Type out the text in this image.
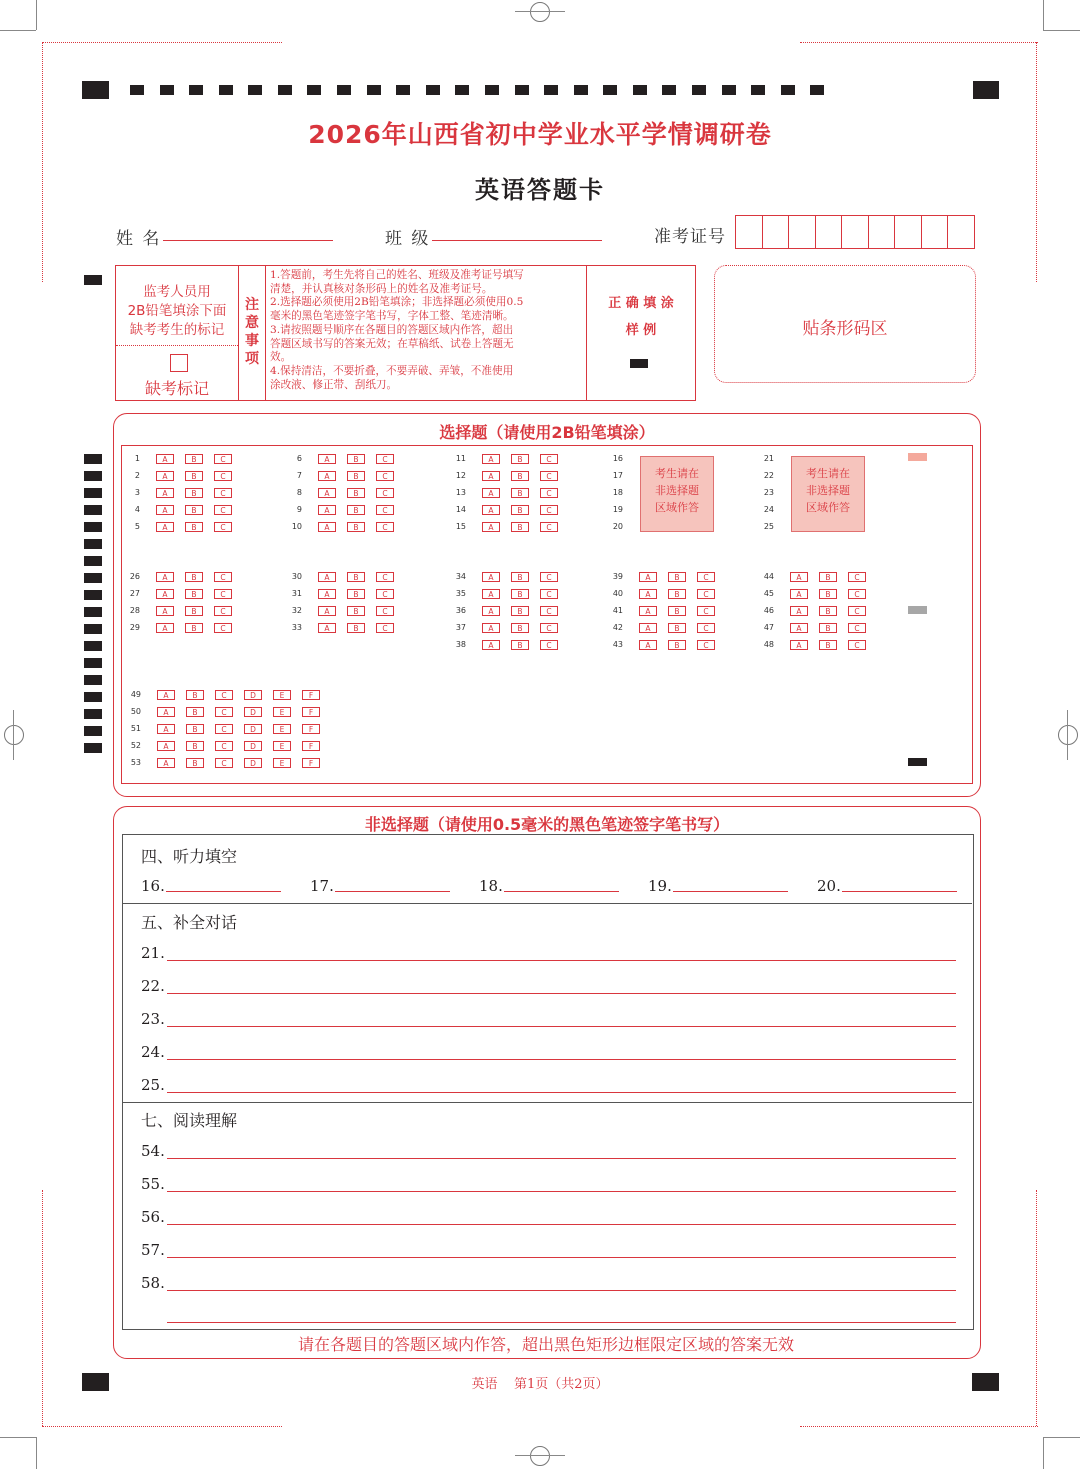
2026年山西省初中学业水平学情调研卷
英语答题卡
姓 名	班 级	准考证号
监考人员用
2B铅笔填涂下面
缺考考生的标记
缺考标记
注
意
事
项
1.答题前，考生先将自己的姓名、班级及准考证号填写
清楚，并认真核对条形码上的姓名及准考证号。
2.选择题必须使用2B铅笔填涂；非选择题必须使用0.5
毫米的黑色笔迹签字笔书写，字体工整、笔迹清晰。
3.请按照题号顺序在各题目的答题区域内作答，超出
答题区域书写的答案无效；在草稿纸、试卷上答题无
效。
4.保持清洁，不要折叠，不要弄破、弄皱，不准使用
涂改液、修正带、刮纸刀。
正 确 填 涂
样 例	贴条形码区
选择题（请使用2B铅笔填涂）
1	A	B	C
2	A	B	C
3	A	B	C
4	A	B	C
5	A	B	C
6	A	B	C
7	A	B	C
8	A	B	C
9	A	B	C
10	A	B	C
11	A	B	C
12	A	B	C
13	A	B	C
14	A	B	C
15	A	B	C
26	A	B	C
27	A	B	C
28	A	B	C
29	A	B	C
30	A	B	C
31	A	B	C
32	A	B	C
33	A	B	C
34	A	B	C
35	A	B	C
36	A	B	C
37	A	B	C
38	A	B	C
39	A	B	C
40	A	B	C
41	A	B	C
42	A	B	C
43	A	B	C
44	A	B	C
45	A	B	C
46	A	B	C
47	A	B	C
48	A	B	C
16
17
18
19
20
21
22
23
24
25
考生请在
非选择题
区域作答
考生请在
非选择题
区域作答
49	A	B	C	D	E	F
50	A	B	C	D	E	F
51	A	B	C	D	E	F
52	A	B	C	D	E	F
53	A	B	C	D	E	F
非选择题（请使用0.5毫米的黑色笔迹签字笔书写）
四、听力填空
16.	17.	18.	19.	20.
五、补全对话
21.
22.
23.
24.
25.
七、阅读理解
54.
55.
56.
57.
58.
请在各题目的答题区域内作答，超出黑色矩形边框限定区域的答案无效
英语    第1页（共2页）
